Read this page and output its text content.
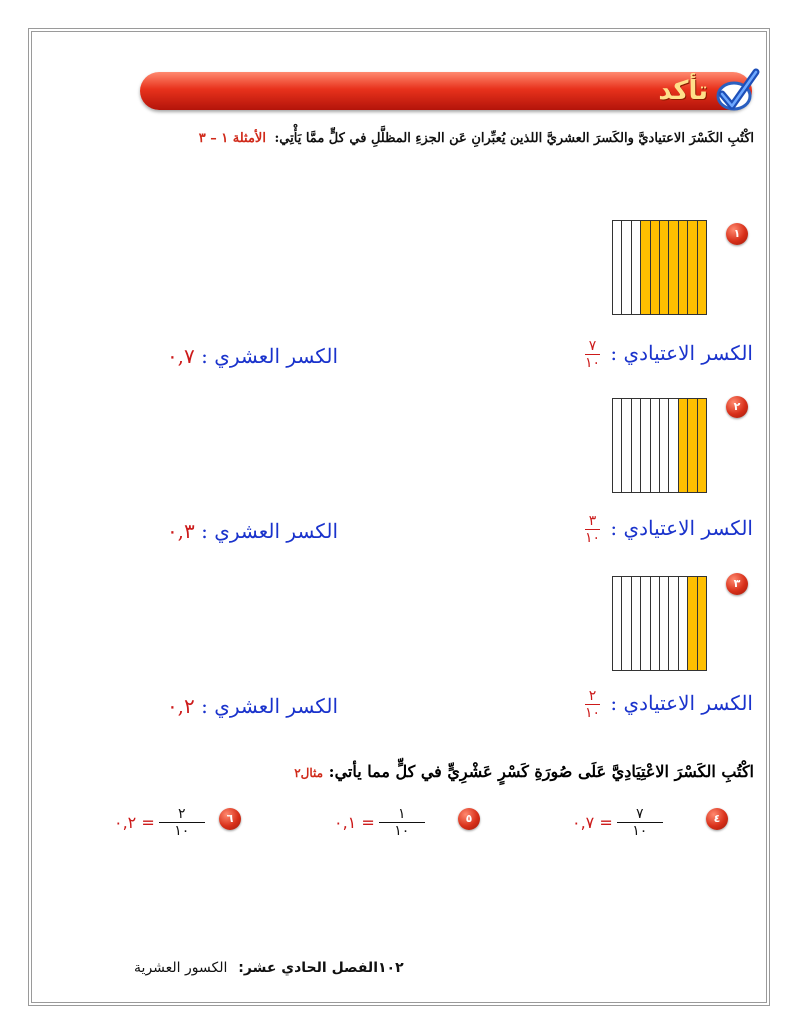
تأكد
اكْتُبِ الكَسْرَ الاعتياديَّ والكَسرَ العشريَّ اللذين يُعبِّرانِ عَن الجزءِ المظلَّلِ في كلٍّ ممَّا يَأْتِي: الأمثلة ١ – ٣
١
الكسر الاعتيادي :
$\frac{٧}{١٠}$
الكسر العشري : ٠,٧
٢
الكسر الاعتيادي :
$\frac{٣}{١٠}$
الكسر العشري : ٠,٣
٣
الكسر الاعتيادي :
$\frac{٢}{١٠}$
الكسر العشري : ٠,٢
اكْتُبِ الكَسْرَ الاعْتِيَادِيَّ عَلَى صُورَةِ كَسْرٍ عَشْرِيٍّ في كلٍّ مما يأتي: مثال٢
٤
٠,٧ = $\frac{٧}{١٠}$
٥
٠,١ = $\frac{١}{١٠}$
٦
٠,٢ = $\frac{٢}{١٠}$
١٠٢
الفصل الحادي عشر: الكسور العشرية
